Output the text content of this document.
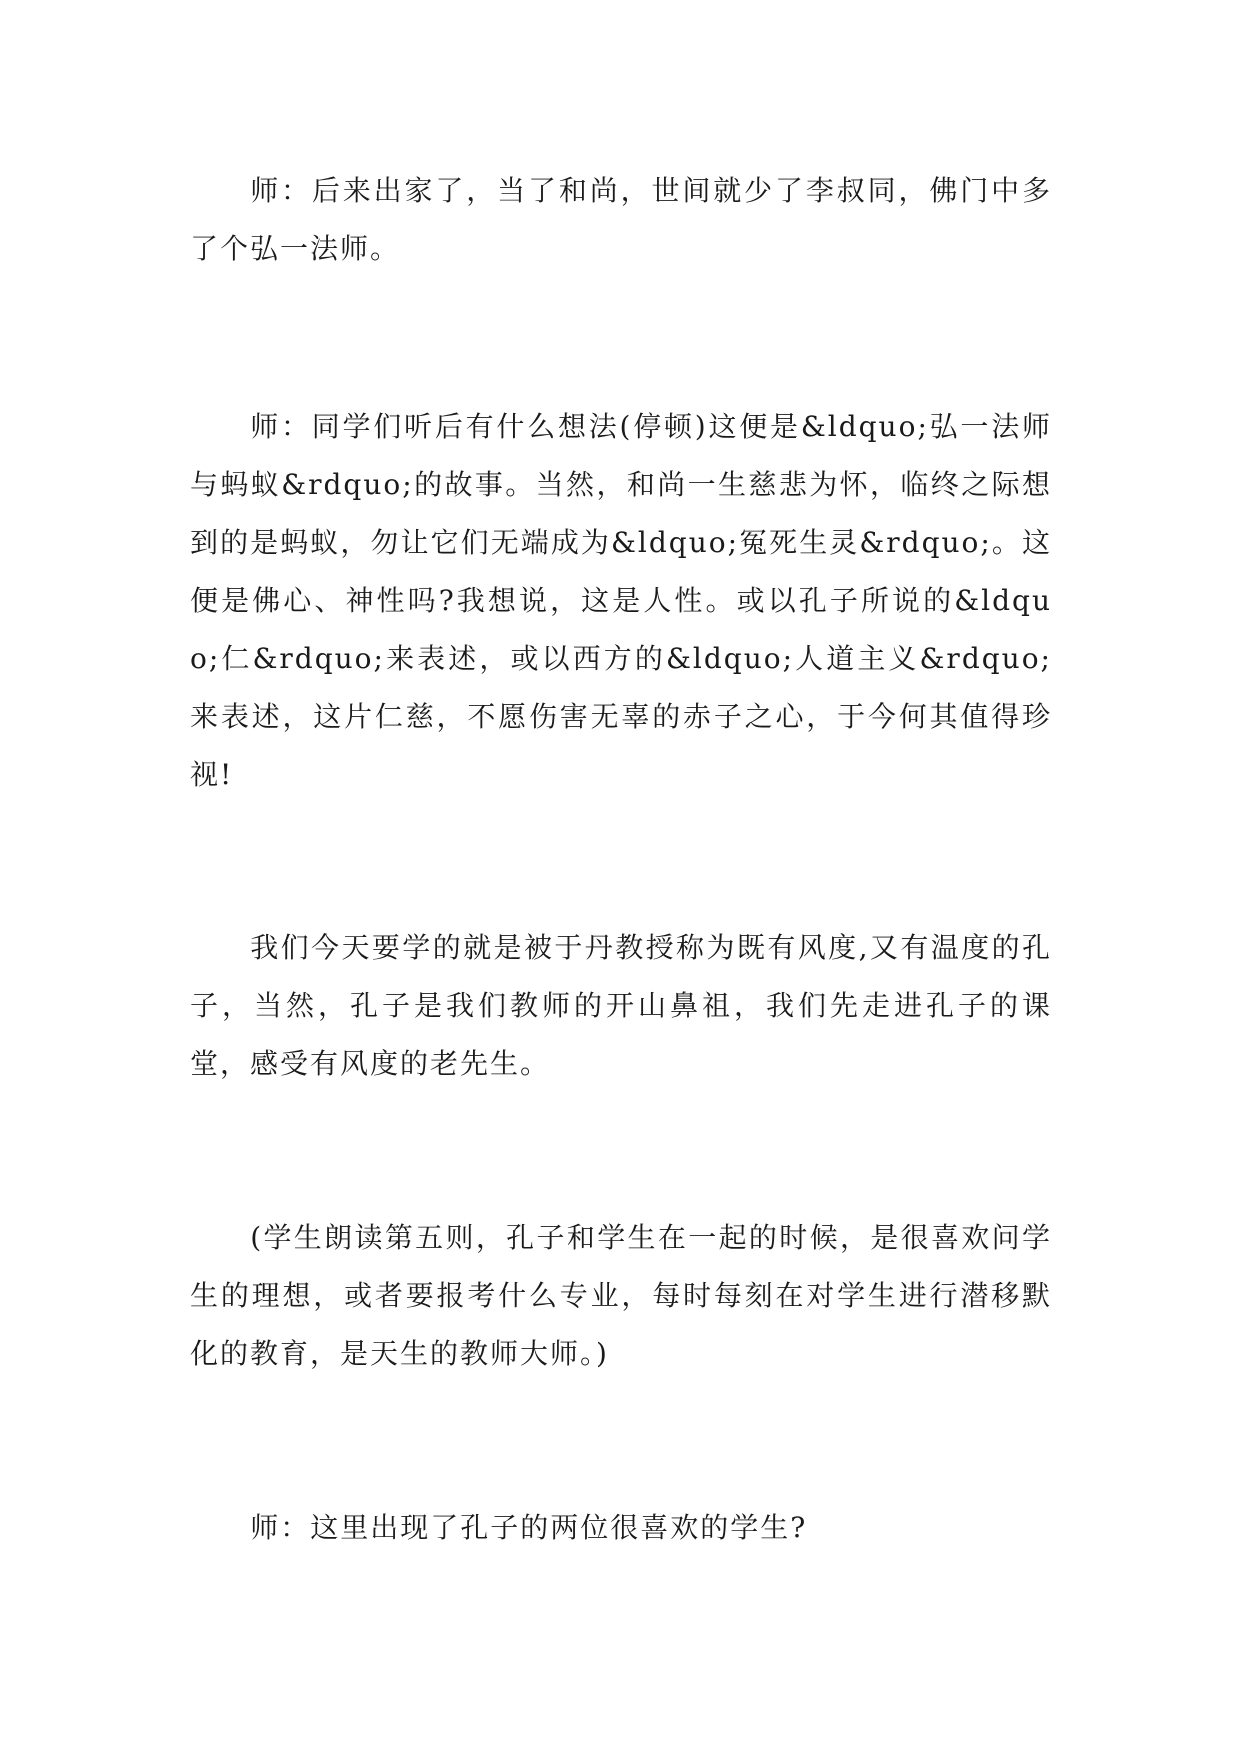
师：后来出家了，当了和尚，世间就少了李叔同，佛门中多了个弘一法师。

师：同学们听后有什么想法(停顿)这便是&ldquo;弘一法师与蚂蚁&rdquo;的故事。当然，和尚一生慈悲为怀，临终之际想到的是蚂蚁，勿让它们无端成为&ldquo;冤死生灵&rdquo;。这便是佛心、神性吗?我想说，这是人性。或以孔子所说的&ldquo;仁&rdquo;来表述，或以西方的&ldquo;人道主义&rdquo;来表述，这片仁慈，不愿伤害无辜的赤子之心，于今何其值得珍视!

我们今天要学的就是被于丹教授称为既有风度,又有温度的孔子，当然，孔子是我们教师的开山鼻祖，我们先走进孔子的课堂，感受有风度的老先生。

(学生朗读第五则，孔子和学生在一起的时候，是很喜欢问学生的理想，或者要报考什么专业，每时每刻在对学生进行潜移默化的教育，是天生的教师大师。)

师：这里出现了孔子的两位很喜欢的学生?
